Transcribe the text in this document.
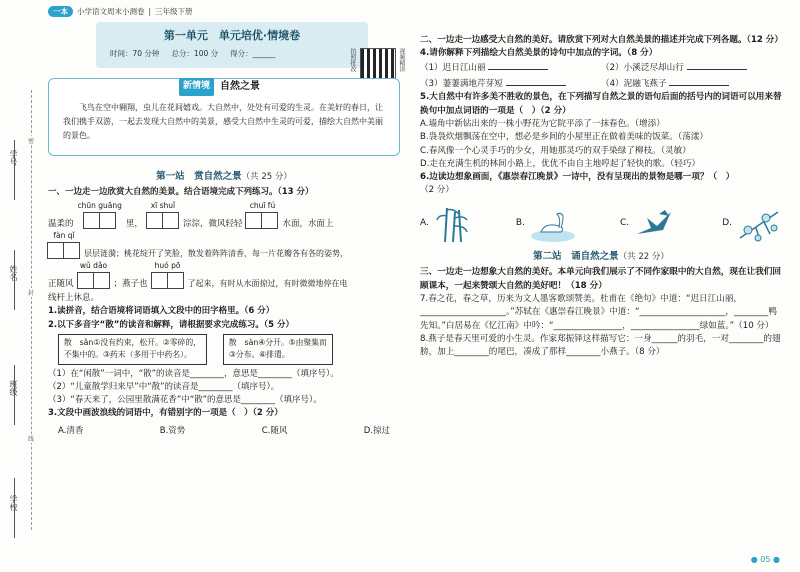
一本	小学语文周末小测卷 | 三年级下册
密
封
线
第一单元　单元培优·情境卷
时间：70 分钟 总分：100 分 得分：______	拍照批改	视频精讲
新情境	自然之景

飞鸟在空中翱翔，虫儿在花间嬉戏。大自然中，处处有可爱的生灵。在美好的春日，让我们携手双游，一起去发现大自然中的美景，感受大自然中生灵的可爱，描绘大自然中美丽的景色。

第一站　赏自然之景（共 25 分）

一、一边走一边欣赏大自然的美景。结合语境完成下列练习。（13 分）

温柔的
chūn guāng
里，
xī shuǐ
淙淙，微风轻轻
chuī fú
水面，水面上
fàn qǐ
层层涟漪；桃花绽开了笑脸，散发着阵阵清香，每一片花瓣各有各的姿势，
正随风
wǔ dǎo
；燕子也
huó pō
了起来，有时从水面掠过，有时微微地停在电

线杆上休息。

1.读拼音，结合语境将词语填入文段中的田字格里。（6 分）

2.以下多音字“散”的读音和解释，请根据要求完成练习。（5 分）

散　sǎn①没有约束，松开。②零碎的，
不集中的。③药末（多用于中药名）。
散　sàn④分开。⑤由聚集而
③分布。⑥排遣。

（1）在“闲散”一词中，“散”的读音是________，意思是________（填序号）。

（2）“儿童散学归来早”中“散”的读音是________（填序号）。

（3）“春天来了，公园里散满花香”中“散”的意思是________（填序号）。

3.文段中画波浪线的词语中，有错别字的一项是（　）（2 分）

A.清香	B.资势	C.随风	D.掠过

二、一边走一边感受大自然的美好。请欣赏下列对大自然美景的描述并完成下列各题。（12 分）

4.请你解释下列描绘大自然美景的诗句中加点的字词。（8 分）

（1）迟日江山丽	（2）小溪泛尽却山行
（3）萋萋满地芹芽短	（4）泥融飞燕子

5.大自然中有许多美不胜收的景色，在下列描写自然之景的语句后面的括号内的词语可以用来替换句中加点词语的一项是（　）（2 分）

A.墙角中新钻出来的一株小野花为它院平添了一抹春色。（增添）

B.袅袅炊烟飘荡在空中，想必是乡间的小屋里正在做着美味的饭菜。（荡漾）

C.春风像一个心灵手巧的少女，用她那灵巧的双手染绿了柳枝。（灵敏）

D.走在充满生机的林间小路上，优优不由自主地哼起了轻快的歌。（轻巧）

6.边读边想象画面，《惠崇春江晚景》一诗中，没有呈现出的景物是哪一项？（　）

（2 分）

A.	B.	C.	D.
第二站　诵自然之景（共 22 分）

三、一边走一边想象大自然的美好。本单元向我们展示了不同作家眼中的大自然，现在让我们回顾课本，一起来赞颂大自然的美好吧！（18 分）

7.春之花，春之草，历来为文人墨客歌颂赞美。杜甫在《绝句》中道：“迟日江山丽，____________________。”苏轼在《惠崇春江晚景》中道：“____________________，________鸭先知。”白居易在《忆江南》中吟：“________________，________________绿如蓝。”（10 分）

8.燕子是春天里可爱的小生灵。作家郑振铎这样描写它：一身______的羽毛，一对________的翅膀，加上________的尾巴，凑成了那样________小燕子。（8 分）

● 05 ●
